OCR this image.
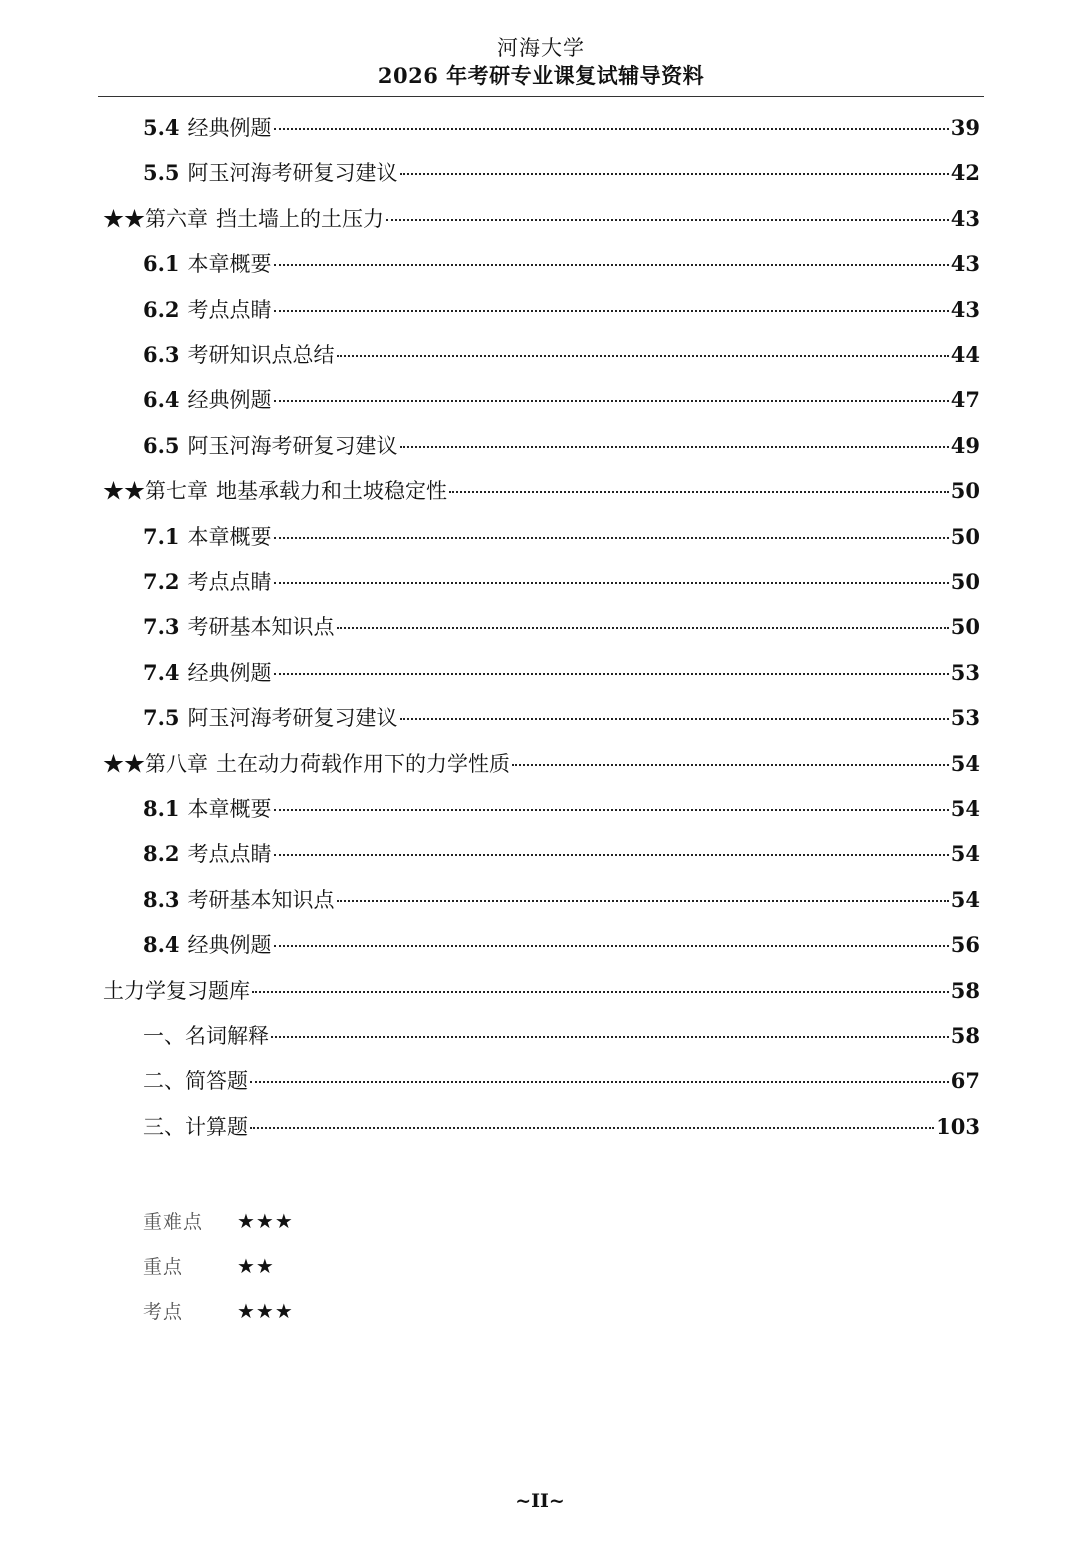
河海大学
2026 年考研专业课复试辅导资料
5.4 经典例题	39
5.5 阿玉河海考研复习建议	42
★★第六章 挡土墙上的土压力	43
6.1 本章概要	43
6.2 考点点睛	43
6.3 考研知识点总结	44
6.4 经典例题	47
6.5 阿玉河海考研复习建议	49
★★第七章 地基承载力和土坡稳定性	50
7.1 本章概要	50
7.2 考点点睛	50
7.3 考研基本知识点	50
7.4 经典例题	53
7.5 阿玉河海考研复习建议	53
★★第八章 土在动力荷载作用下的力学性质	54
8.1 本章概要	54
8.2 考点点睛	54
8.3 考研基本知识点	54
8.4 经典例题	56
土力学复习题库	58
一、名词解释	58
二、简答题	67
三、计算题	103
重难点	★★★
重点	★★
考点	★★★
~II~
